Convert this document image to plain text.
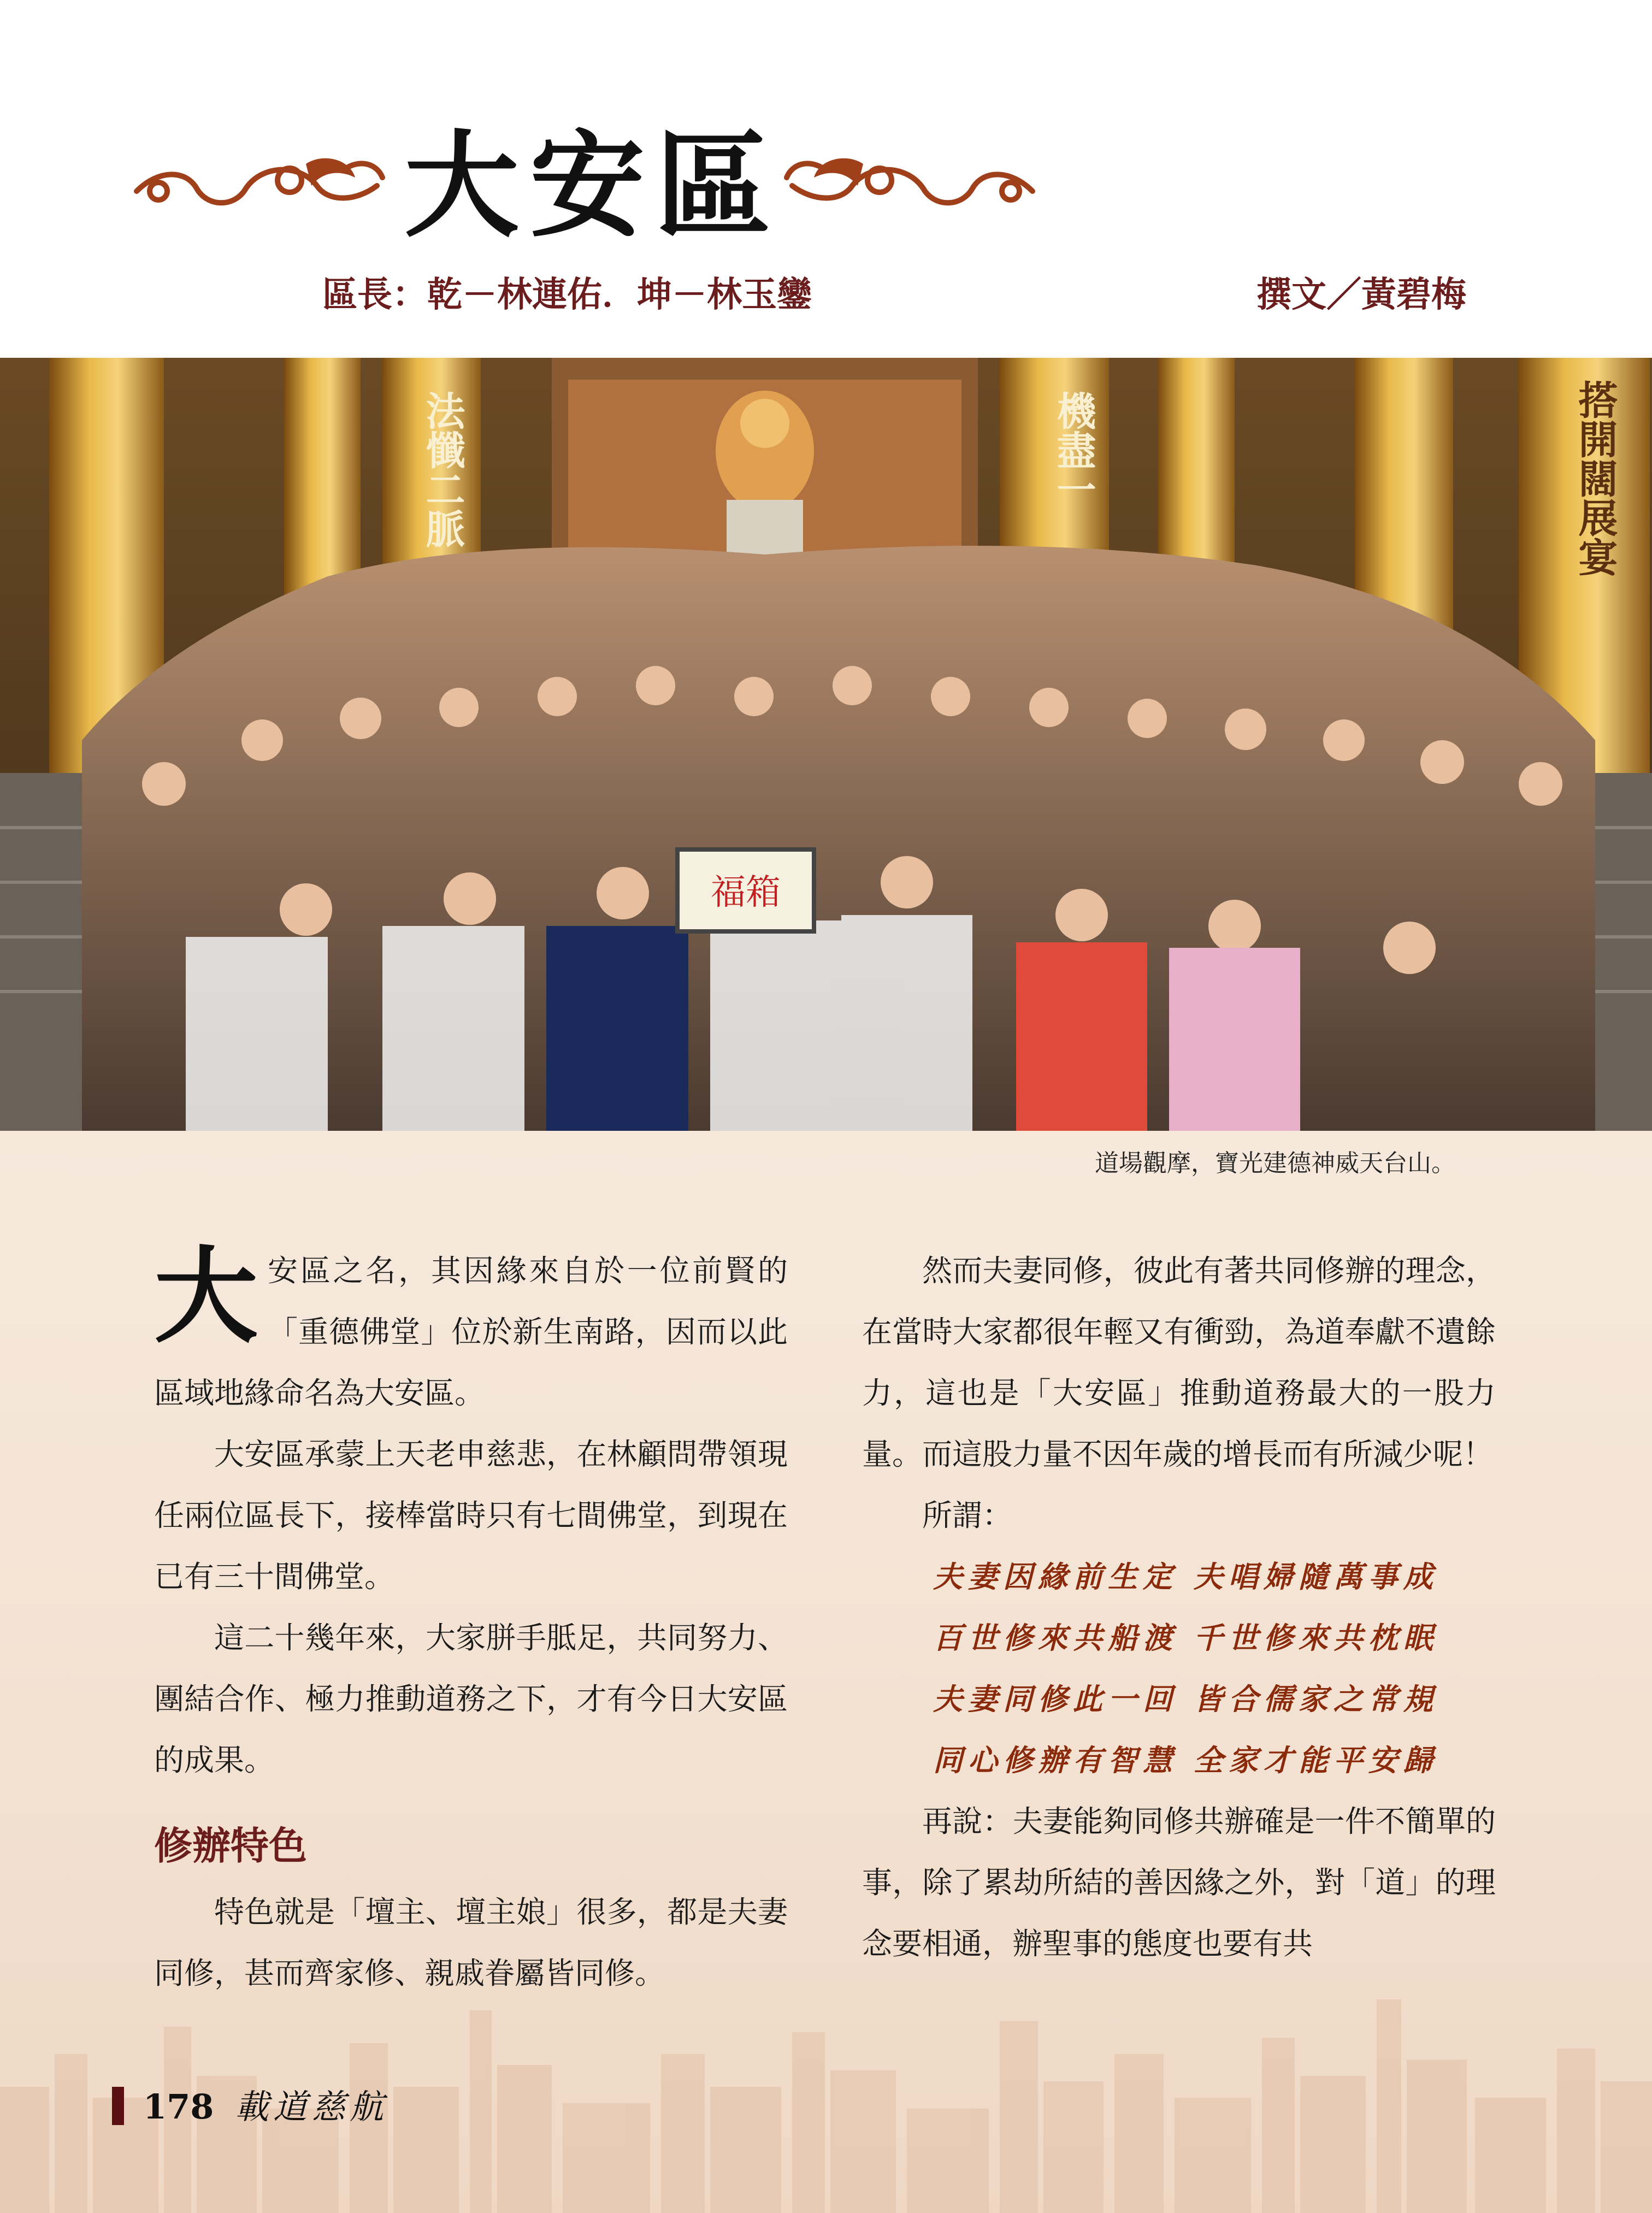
大安區
區長：乾－林連佑．坤－林玉鑾	撰文／黃碧梅
法懺二脈	機盡一	搭開闊展宴
福箱
道場觀摩，寶光建德神威天台山。

大安區之名，其因緣來自於一位前賢的「重德佛堂」位於新生南路，因而以此區域地緣命名為大安區。

大安區承蒙上天老申慈悲，在林顧問帶領現任兩位區長下，接棒當時只有七間佛堂，到現在已有三十間佛堂。

這二十幾年來，大家胼手胝足，共同努力、團結合作、極力推動道務之下，才有今日大安區的成果。

修辦特色

特色就是「壇主、壇主娘」很多，都是夫妻同修，甚而齊家修、親戚眷屬皆同修。

然而夫妻同修，彼此有著共同修辦的理念，在當時大家都很年輕又有衝勁，為道奉獻不遺餘力，這也是「大安區」推動道務最大的一股力量。而這股力量不因年歲的增長而有所減少呢！

所謂：

夫妻因緣前生定 夫唱婦隨萬事成
百世修來共船渡 千世修來共枕眠
夫妻同修此一回 皆合儒家之常規
同心修辦有智慧 全家才能平安歸

再說：夫妻能夠同修共辦確是一件不簡單的事，除了累劫所結的善因緣之外，對「道」的理念要相通，辦聖事的態度也要有共

178 載道慈航
